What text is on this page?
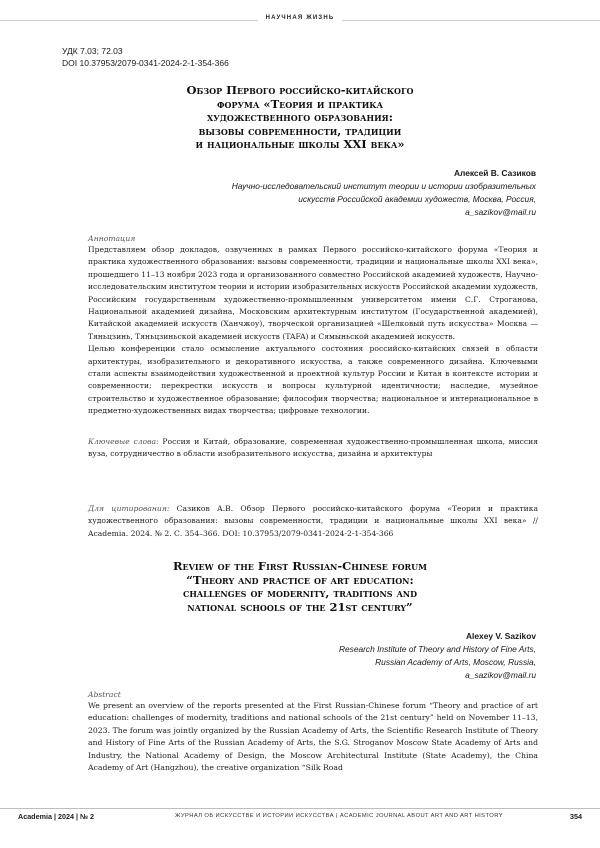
НАУЧНАЯ ЖИЗНЬ
УДК 7.03; 72.03
DOI 10.37953/2079-0341-2024-2-1-354-366
Обзор Первого российско-китайского
форума «Теория и практика
художественного образования:
вызовы современности, традиции
и национальные школы XXI века»
Алексей В. Сазиков
Научно-исследовательский институт теории и истории изобразительных
искусств Российской академии художеств, Москва, Россия,
a_sazikov@mail.ru
Аннотация

Представляем обзор докладов, озвученных в рамках Первого российско-китайского форума «Теория и практика художественного образования: вызовы современности, традиции и национальные школы XXI века», прошедшего 11–13 ноября 2023 года и организованного совместно Российской академией художеств, Научно-исследовательским институтом теории и истории изобразительных искусств Российской академии художеств, Российским государственным художественно-промышленным университетом имени С.Г. Строганова, Национальной академией дизайна, Московским архитектурным институтом (Государственной академией), Китайской академией искусств (Ханчжоу), творческой организацией «Шелковый путь искусства» Москва — Тяньцзинь, Тяньцзиньской академией искусств (TAFA) и Сямыньской академией искусств.

Целью конференции стало осмысление актуального состояния российско-китайских связей в области архитектуры, изобразительного и декоративного искусства, а также современного дизайна. Ключевыми стали аспекты взаимодействия художественной и проектной культур России и Китая в контексте истории и современности; перекрестки искусств и вопросы культурной идентичности; наследие, музейное строительство и художественное образование; философия творчества; национальное и интернациональное в предметно-художественных видах творчества; цифровые технологии.

Ключевые слова: Россия и Китай, образование, современная художественно-промышленная школа, миссия вуза, сотрудничество в области изобразительного искусства, дизайна и архитектуры
Для цитирования: Сазиков А.В. Обзор Первого российско-китайского форума «Теория и практика художественного образования: вызовы современности, традиции и национальные школы XXI века» // Academia. 2024. № 2. С. 354–366. DOI: 10.37953/2079-0341-2024-2-1-354-366
Review of the First Russian-Chinese forum
“Theory and practice of art education:
challenges of modernity, traditions and
national schools of the 21st century”
Alexey V. Sazikov
Research Institute of Theory and History of Fine Arts,
Russian Academy of Arts, Moscow, Russia,
a_sazikov@mail.ru
Abstract
We present an overview of the reports presented at the First Russian-Chinese forum “Theory and practice of art education: challenges of modernity, traditions and national schools of the 21st century” held on November 11–13, 2023. The forum was jointly organized by the Russian Academy of Arts, the Scientific Research Institute of Theory and History of Fine Arts of the Russian Academy of Arts, the S.G. Stroganov Moscow State Academy of Arts and Industry, the National Academy of Design, the Moscow Architectural Institute (State Academy), the China Academy of Art (Hangzhou), the creative organization “Silk Road
Academia | 2024 | № 2	ЖУРНАЛ ОБ ИСКУССТВЕ И ИСТОРИИ ИСКУССТВА | ACADEMIC JOURNAL ABOUT ART AND ART HISTORY	354
